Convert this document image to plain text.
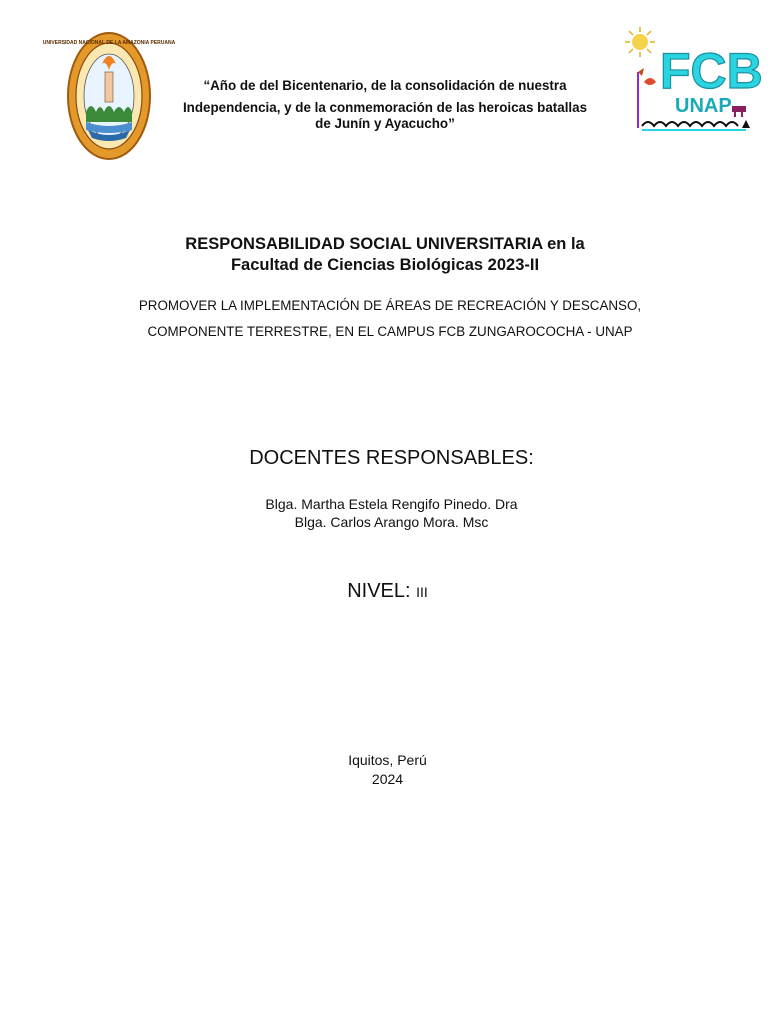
UNIVERSIDAD NACIONAL DE LA AMAZONIA PERUANA	FCB
UNAP
“Año de del Bicentenario, de la consolidación de nuestra
Independencia, y de la conmemoración de las heroicas batallas
de Junín y Ayacucho”
RESPONSABILIDAD SOCIAL UNIVERSITARIA en la
Facultad de Ciencias Biológicas 2023-II
PROMOVER LA IMPLEMENTACIÓN DE ÁREAS DE RECREACIÓN Y DESCANSO,
COMPONENTE TERRESTRE, EN EL CAMPUS FCB ZUNGAROCOCHA - UNAP
DOCENTES RESPONSABLES:
Blga. Martha Estela Rengifo Pinedo. Dra
Blga. Carlos Arango Mora. Msc
NIVEL: III
Iquitos, Perú
2024
